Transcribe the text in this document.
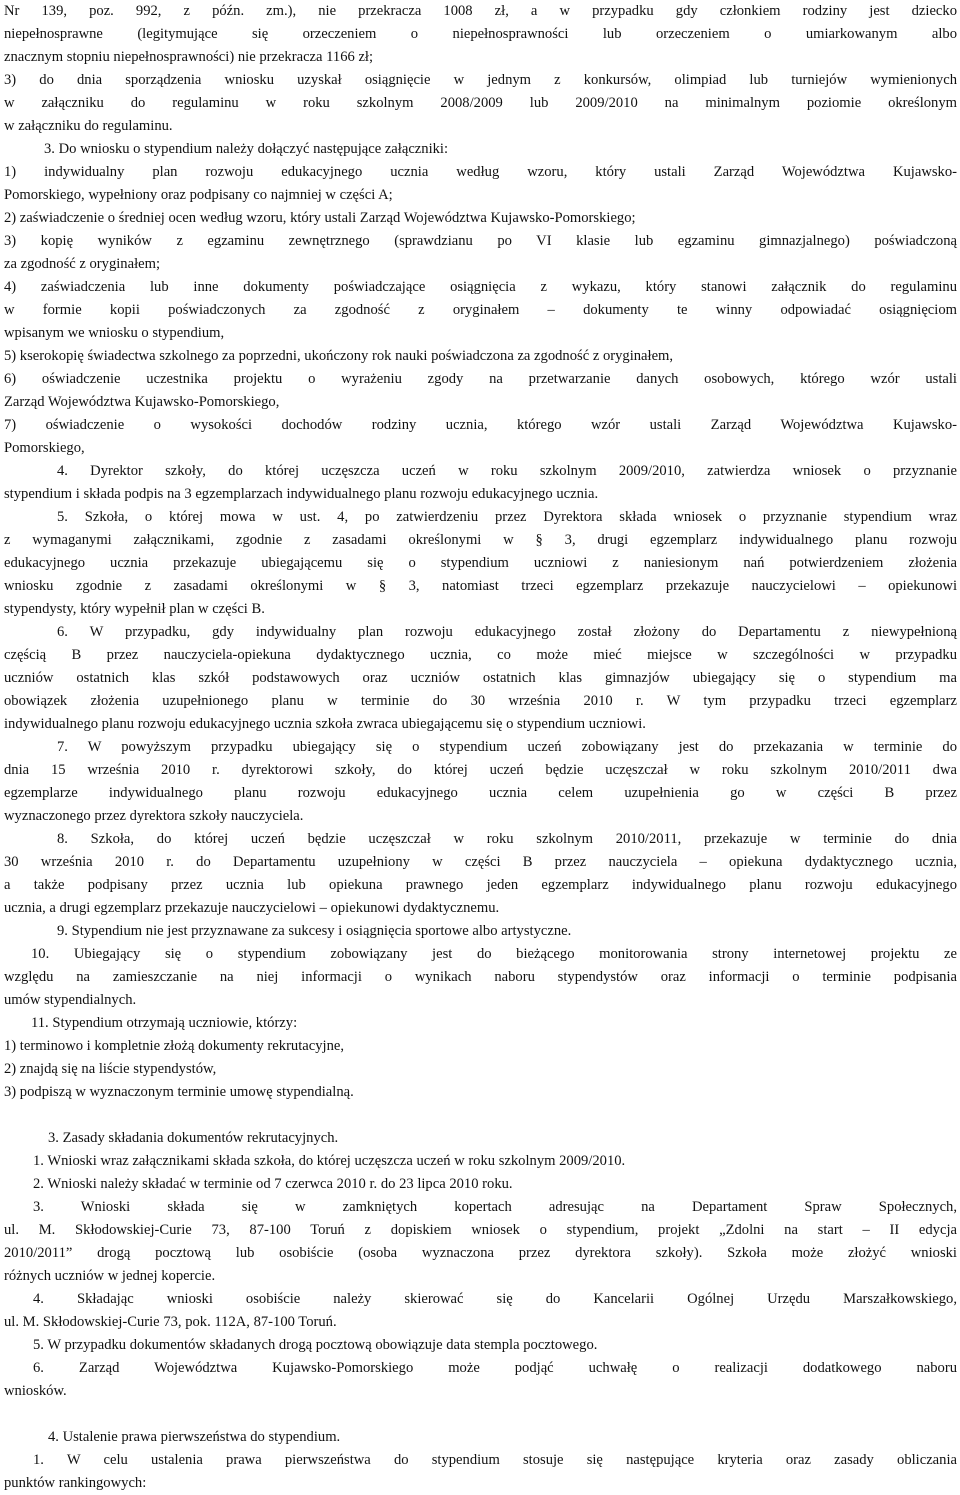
Nr 139, poz. 992, z późn. zm.), nie przekracza 1008 zł, a w przypadku gdy członkiem rodziny jest dziecko
niepełnosprawne (legitymujące się orzeczeniem o niepełnosprawności lub orzeczeniem o umiarkowanym albo
znacznym stopniu niepełnosprawności) nie przekracza 1166 zł;
3) do dnia sporządzenia wniosku uzyskał osiągnięcie w jednym z konkursów, olimpiad lub turniejów wymienionych
w załączniku do regulaminu w roku szkolnym 2008/2009 lub 2009/2010 na minimalnym poziomie określonym
w załączniku do regulaminu.
3. Do wniosku o stypendium należy dołączyć następujące załączniki:
1) indywidualny plan rozwoju edukacyjnego ucznia według wzoru, który ustali Zarząd Województwa Kujawsko-
Pomorskiego, wypełniony oraz podpisany co najmniej w części A;
2) zaświadczenie o średniej ocen według wzoru, który ustali Zarząd Województwa Kujawsko-Pomorskiego;
3) kopię wyników z egzaminu zewnętrznego (sprawdzianu po VI klasie lub egzaminu gimnazjalnego) poświadczoną
za zgodność z oryginałem;
4) zaświadczenia lub inne dokumenty poświadczające osiągnięcia z wykazu, który stanowi załącznik do regulaminu
w formie kopii poświadczonych za zgodność z oryginałem – dokumenty te winny odpowiadać osiągnięciom
wpisanym we wniosku o stypendium,
5) kserokopię świadectwa szkolnego za poprzedni, ukończony rok nauki poświadczona za zgodność z oryginałem,
6) oświadczenie uczestnika projektu o wyrażeniu zgody na przetwarzanie danych osobowych, którego wzór ustali
Zarząd Województwa Kujawsko-Pomorskiego,
7) oświadczenie o wysokości dochodów rodziny ucznia, którego wzór ustali Zarząd Województwa Kujawsko-
Pomorskiego,
4. Dyrektor szkoły, do której uczęszcza uczeń w roku szkolnym 2009/2010, zatwierdza wniosek o przyznanie
stypendium i składa podpis na 3 egzemplarzach indywidualnego planu rozwoju edukacyjnego ucznia.
5. Szkoła, o której mowa w ust. 4, po zatwierdzeniu przez Dyrektora składa wniosek o przyznanie stypendium wraz
z wymaganymi załącznikami, zgodnie z zasadami określonymi w § 3, drugi egzemplarz indywidualnego planu rozwoju
edukacyjnego ucznia przekazuje ubiegającemu się o stypendium uczniowi z naniesionym nań potwierdzeniem złożenia
wniosku zgodnie z zasadami określonymi w § 3, natomiast trzeci egzemplarz przekazuje nauczycielowi – opiekunowi
stypendysty, który wypełnił plan w części B.
6. W przypadku, gdy indywidualny plan rozwoju edukacyjnego został złożony do Departamentu z niewypełnioną
częścią B przez nauczyciela-opiekuna dydaktycznego ucznia, co może mieć miejsce w szczególności w przypadku
uczniów ostatnich klas szkół podstawowych oraz uczniów ostatnich klas gimnazjów ubiegający się o stypendium ma
obowiązek złożenia uzupełnionego planu w terminie do 30 września 2010 r. W tym przypadku trzeci egzemplarz
indywidualnego planu rozwoju edukacyjnego ucznia szkoła zwraca ubiegającemu się o stypendium uczniowi.
7. W powyższym przypadku ubiegający się o stypendium uczeń zobowiązany jest do przekazania w terminie do
dnia 15 września 2010 r. dyrektorowi szkoły, do której uczeń będzie uczęszczał w roku szkolnym 2010/2011 dwa
egzemplarze indywidualnego planu rozwoju edukacyjnego ucznia celem uzupełnienia go w części B przez
wyznaczonego przez dyrektora szkoły nauczyciela.
8. Szkoła, do której uczeń będzie uczęszczał w roku szkolnym 2010/2011, przekazuje w terminie do dnia
30 września 2010 r. do Departamentu uzupełniony w części B przez nauczyciela – opiekuna dydaktycznego ucznia,
a także podpisany przez ucznia lub opiekuna prawnego jeden egzemplarz indywidualnego planu rozwoju edukacyjnego
ucznia, a drugi egzemplarz przekazuje nauczycielowi – opiekunowi dydaktycznemu.
9. Stypendium nie jest przyznawane za sukcesy i osiągnięcia sportowe albo artystyczne.
10. Ubiegający się o stypendium zobowiązany jest do bieżącego monitorowania strony internetowej projektu ze
względu na zamieszczanie na niej informacji o wynikach naboru stypendystów oraz informacji o terminie podpisania
umów stypendialnych.
11. Stypendium otrzymają uczniowie, którzy:
1) terminowo i kompletnie złożą dokumenty rekrutacyjne,
2) znajdą się na liście stypendystów,
3) podpiszą w wyznaczonym terminie umowę stypendialną.
3. Zasady składania dokumentów rekrutacyjnych.
1. Wnioski wraz załącznikami składa szkoła, do której uczęszcza uczeń w roku szkolnym 2009/2010.
2. Wnioski należy składać w terminie od 7 czerwca 2010 r. do 23 lipca 2010 roku.
3. Wnioski składa się w zamkniętych kopertach adresując na Departament Spraw Społecznych,
ul. M. Skłodowskiej-Curie 73, 87-100 Toruń z dopiskiem wniosek o stypendium, projekt „Zdolni na start – II edycja
2010/2011” drogą pocztową lub osobiście (osoba wyznaczona przez dyrektora szkoły). Szkoła może złożyć wnioski
różnych uczniów w jednej kopercie.
4. Składając wnioski osobiście należy skierować się do Kancelarii Ogólnej Urzędu Marszałkowskiego,
ul. M. Skłodowskiej-Curie 73, pok. 112A, 87-100 Toruń.
5. W przypadku dokumentów składanych drogą pocztową obowiązuje data stempla pocztowego.
6. Zarząd Województwa Kujawsko-Pomorskiego może podjąć uchwałę o realizacji dodatkowego naboru
wniosków.
4. Ustalenie prawa pierwszeństwa do stypendium.
1. W celu ustalenia prawa pierwszeństwa do stypendium stosuje się następujące kryteria oraz zasady obliczania
punktów rankingowych:
